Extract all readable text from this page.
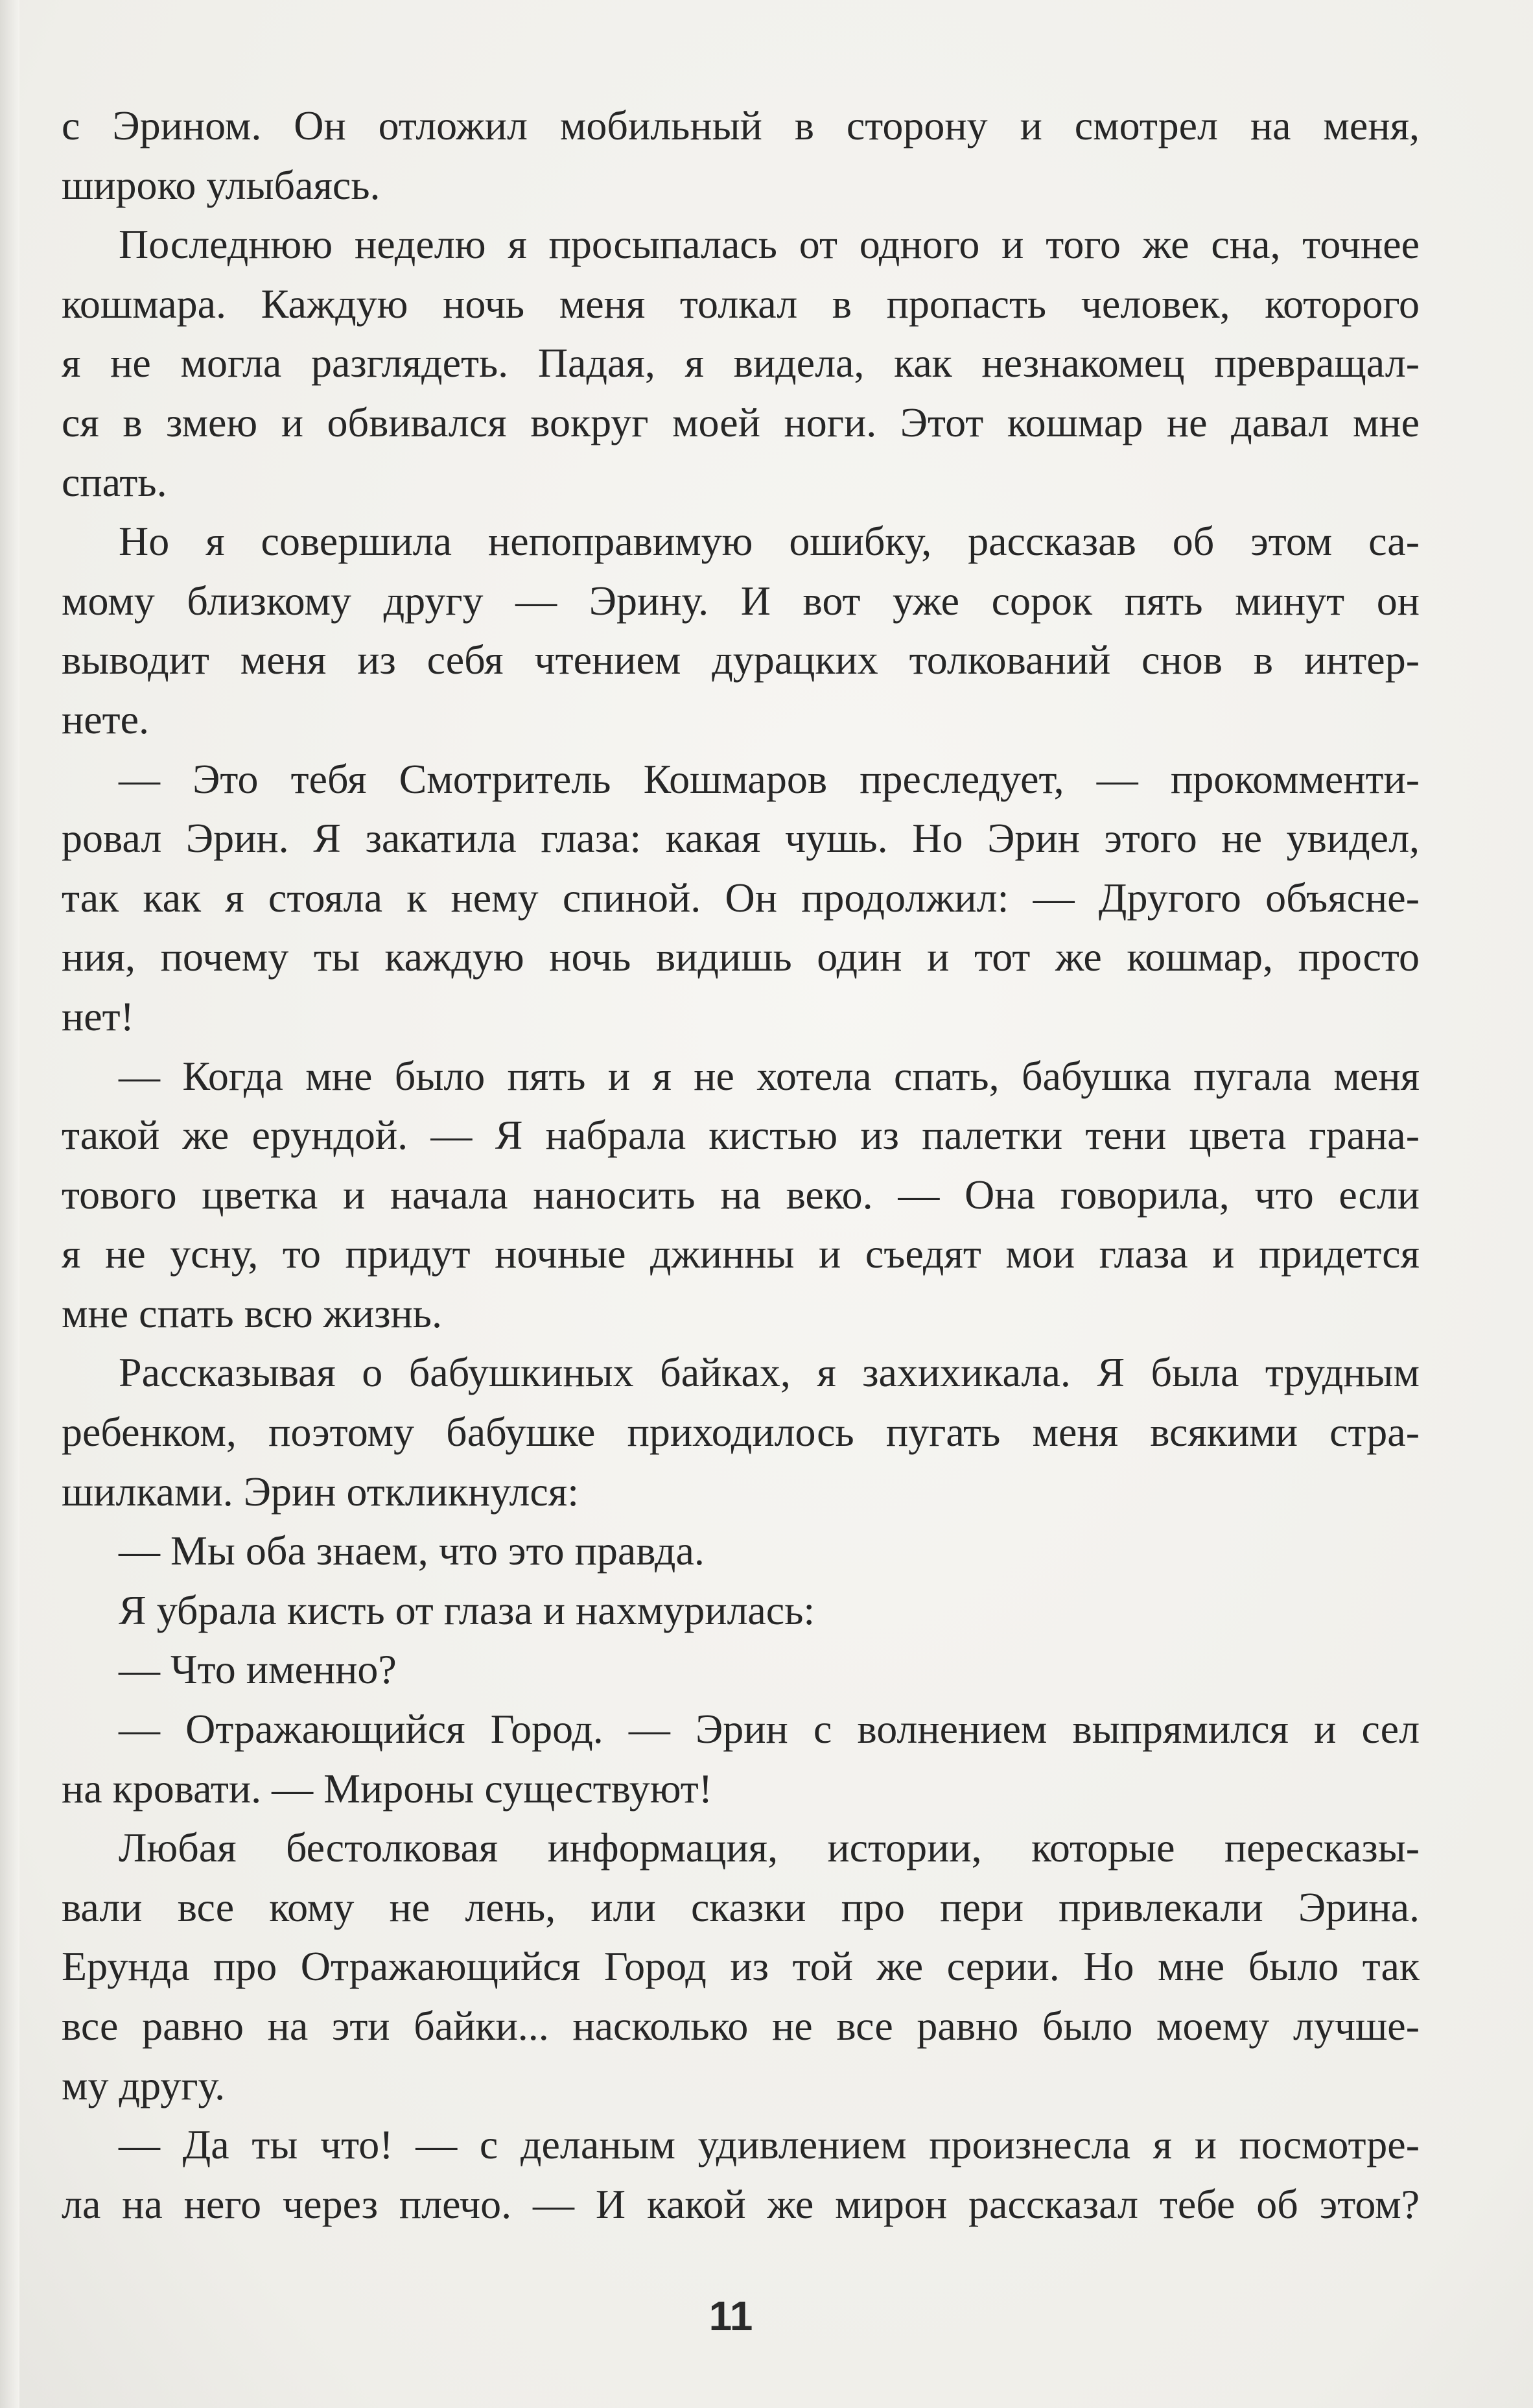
с Эрином. Он отложил мобильный в сторону и смотрел на меня,
широко улыбаясь.
Последнюю неделю я просыпалась от одного и того же сна, точнее
кошмара. Каждую ночь меня толкал в пропасть человек, которого
я не могла разглядеть. Падая, я видела, как незнакомец превращал-
ся в змею и обвивался вокруг моей ноги. Этот кошмар не давал мне
спать.
Но я совершила непоправимую ошибку, рассказав об этом са-
мому близкому другу — Эрину. И вот уже сорок пять минут он
выводит меня из себя чтением дурацких толкований снов в интер-
нете.
— Это тебя Смотритель Кошмаров преследует, — прокомменти-
ровал Эрин. Я закатила глаза: какая чушь. Но Эрин этого не увидел,
так как я стояла к нему спиной. Он продолжил: — Другого объясне-
ния, почему ты каждую ночь видишь один и тот же кошмар, просто
нет!
— Когда мне было пять и я не хотела спать, бабушка пугала меня
такой же ерундой. — Я набрала кистью из палетки тени цвета грана-
тового цветка и начала наносить на веко. — Она говорила, что если
я не усну, то придут ночные джинны и съедят мои глаза и придется
мне спать всю жизнь.
Рассказывая о бабушкиных байках, я захихикала. Я была трудным
ребенком, поэтому бабушке приходилось пугать меня всякими стра-
шилками. Эрин откликнулся:
— Мы оба знаем, что это правда.
Я убрала кисть от глаза и нахмурилась:
— Что именно?
— Отражающийся Город. — Эрин с волнением выпрямился и сел
на кровати. — Мироны существуют!
Любая бестолковая информация, истории, которые пересказы-
вали все кому не лень, или сказки про пери привлекали Эрина.
Ерунда про Отражающийся Город из той же серии. Но мне было так
все равно на эти байки... насколько не все равно было моему лучше-
му другу.
— Да ты что! — с деланым удивлением произнесла я и посмотре-
ла на него через плечо. — И какой же мирон рассказал тебе об этом?
11
